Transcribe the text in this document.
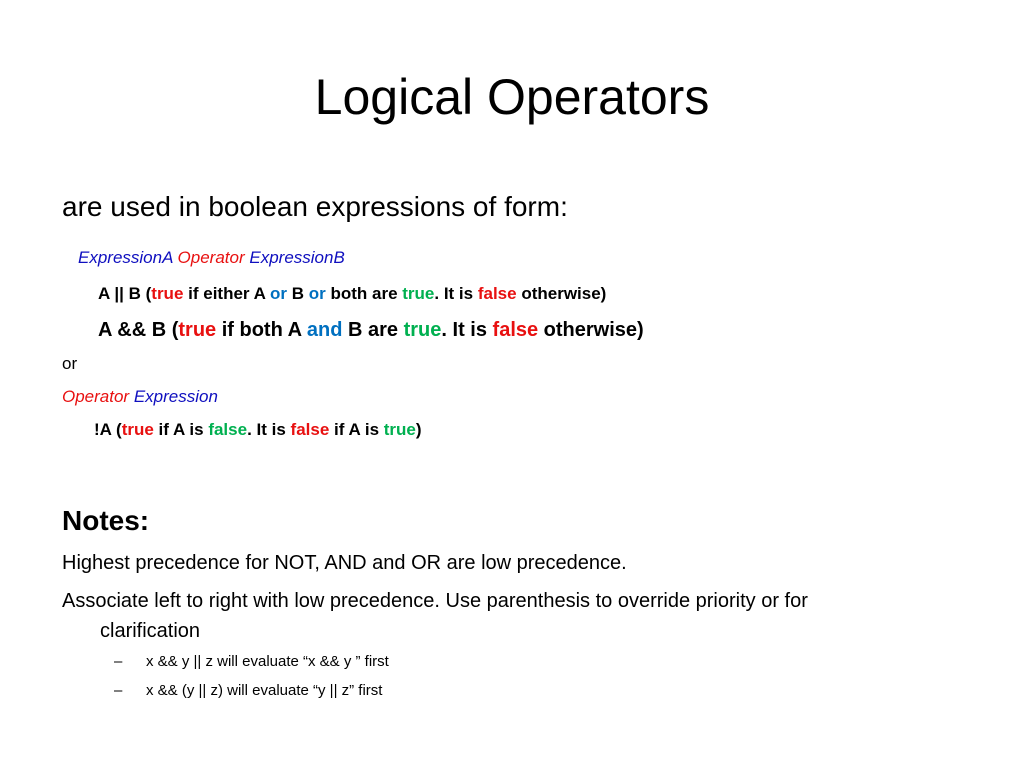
Logical Operators
are used in boolean expressions of form:
ExpressionA Operator ExpressionB
A || B (true if either A or B or both are true. It is false otherwise)
A && B (true if both A and B are true. It is false otherwise)
or
Operator Expression
!A (true if A is false. It is false if A is true)
Notes:
Highest precedence for NOT, AND and OR are low precedence.
Associate left to right with low precedence. Use parenthesis to override priority or for
clarification
– x && y || z will evaluate “x && y ” first
– x && (y || z) will evaluate “y || z” first
